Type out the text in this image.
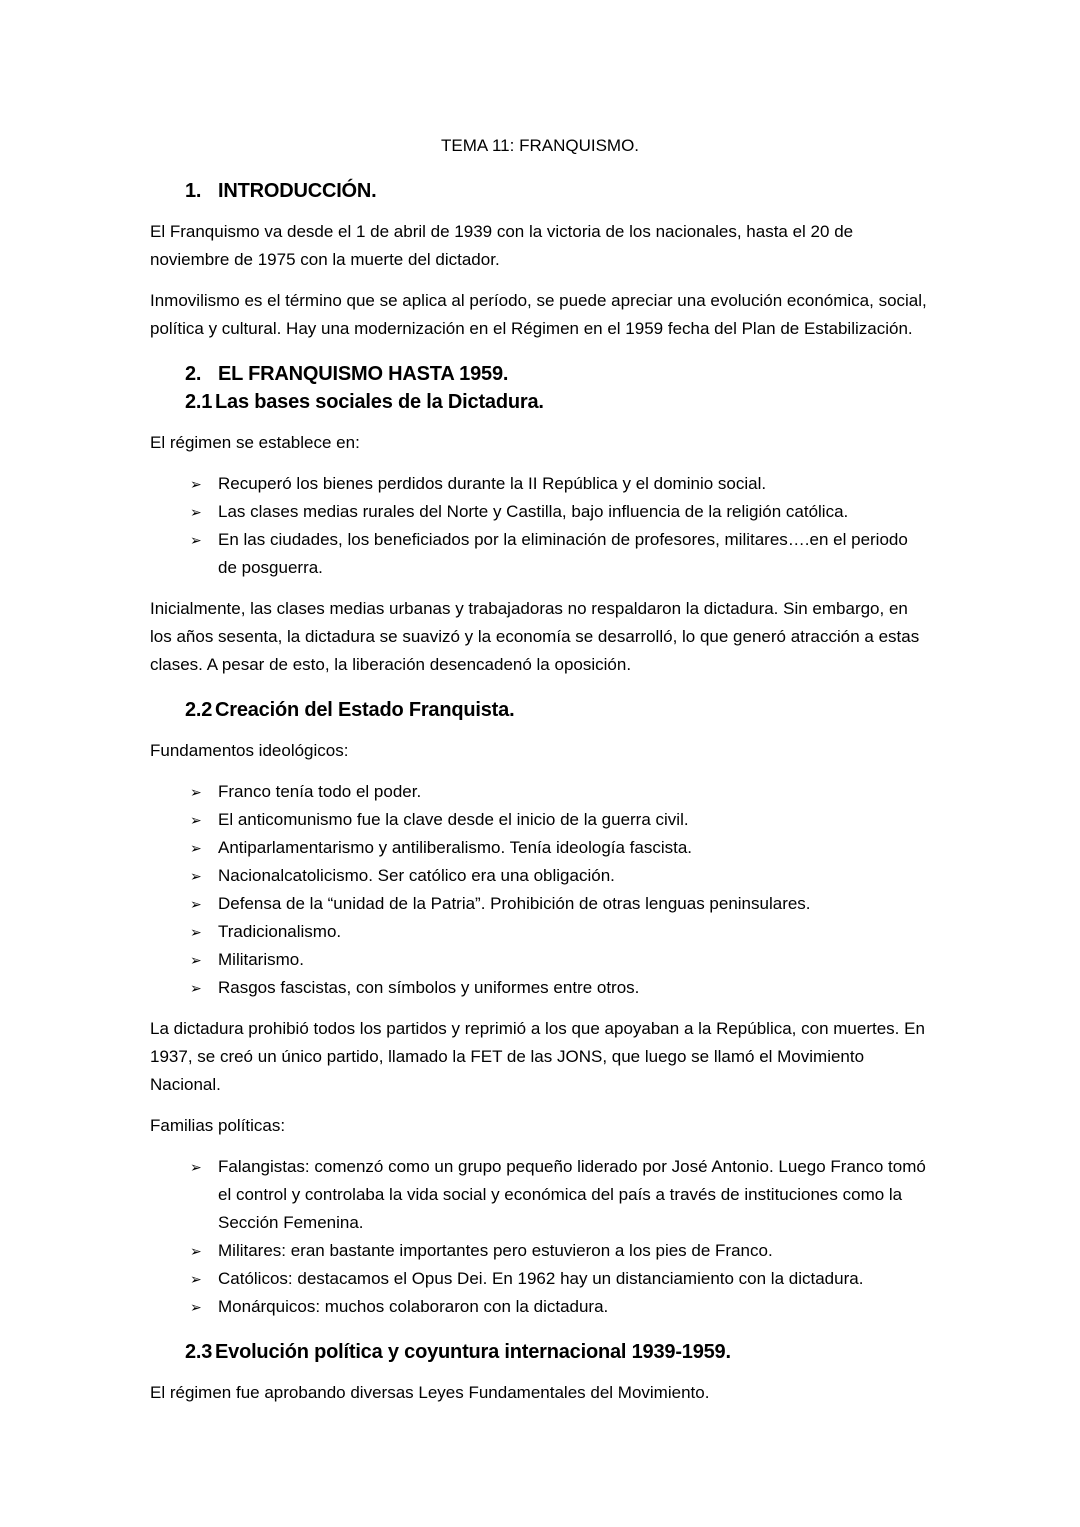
TEMA 11: FRANQUISMO.
1. INTRODUCCIÓN.

El Franquismo va desde el 1 de abril de 1939 con la victoria de los nacionales, hasta el 20 de noviembre de 1975 con la muerte del dictador.

Inmovilismo es el término que se aplica al período, se puede apreciar una evolución económica, social, política y cultural. Hay una modernización en el Régimen en el 1959 fecha del Plan de Estabilización.

2. EL FRANQUISMO HASTA 1959.
2.1 Las bases sociales de la Dictadura.

El régimen se establece en:

➢ Recuperó los bienes perdidos durante la II República y el dominio social.
➢ Las clases medias rurales del Norte y Castilla, bajo influencia de la religión católica.
➢ En las ciudades, los beneficiados por la eliminación de profesores, militares….en el periodo de posguerra.

Inicialmente, las clases medias urbanas y trabajadoras no respaldaron la dictadura. Sin embargo, en los años sesenta, la dictadura se suavizó y la economía se desarrolló, lo que generó atracción a estas clases. A pesar de esto, la liberación desencadenó la oposición.

2.2 Creación del Estado Franquista.

Fundamentos ideológicos:

➢ Franco tenía todo el poder.
➢ El anticomunismo fue la clave desde el inicio de la guerra civil.
➢ Antiparlamentarismo y antiliberalismo. Tenía ideología fascista.
➢ Nacionalcatolicismo. Ser católico era una obligación.
➢ Defensa de la “unidad de la Patria”. Prohibición de otras lenguas peninsulares.
➢ Tradicionalismo.
➢ Militarismo.
➢ Rasgos fascistas, con símbolos y uniformes entre otros.

La dictadura prohibió todos los partidos y reprimió a los que apoyaban a la República, con muertes. En 1937, se creó un único partido, llamado la FET de las JONS, que luego se llamó el Movimiento Nacional.

Familias políticas:

➢ Falangistas: comenzó como un grupo pequeño liderado por José Antonio. Luego Franco tomó el control y controlaba la vida social y económica del país a través de instituciones como la Sección Femenina.
➢ Militares: eran bastante importantes pero estuvieron a los pies de Franco.
➢ Católicos: destacamos el Opus Dei. En 1962 hay un distanciamiento con la dictadura.
➢ Monárquicos: muchos colaboraron con la dictadura.
2.3 Evolución política y coyuntura internacional 1939-1959.

El régimen fue aprobando diversas Leyes Fundamentales del Movimiento.
